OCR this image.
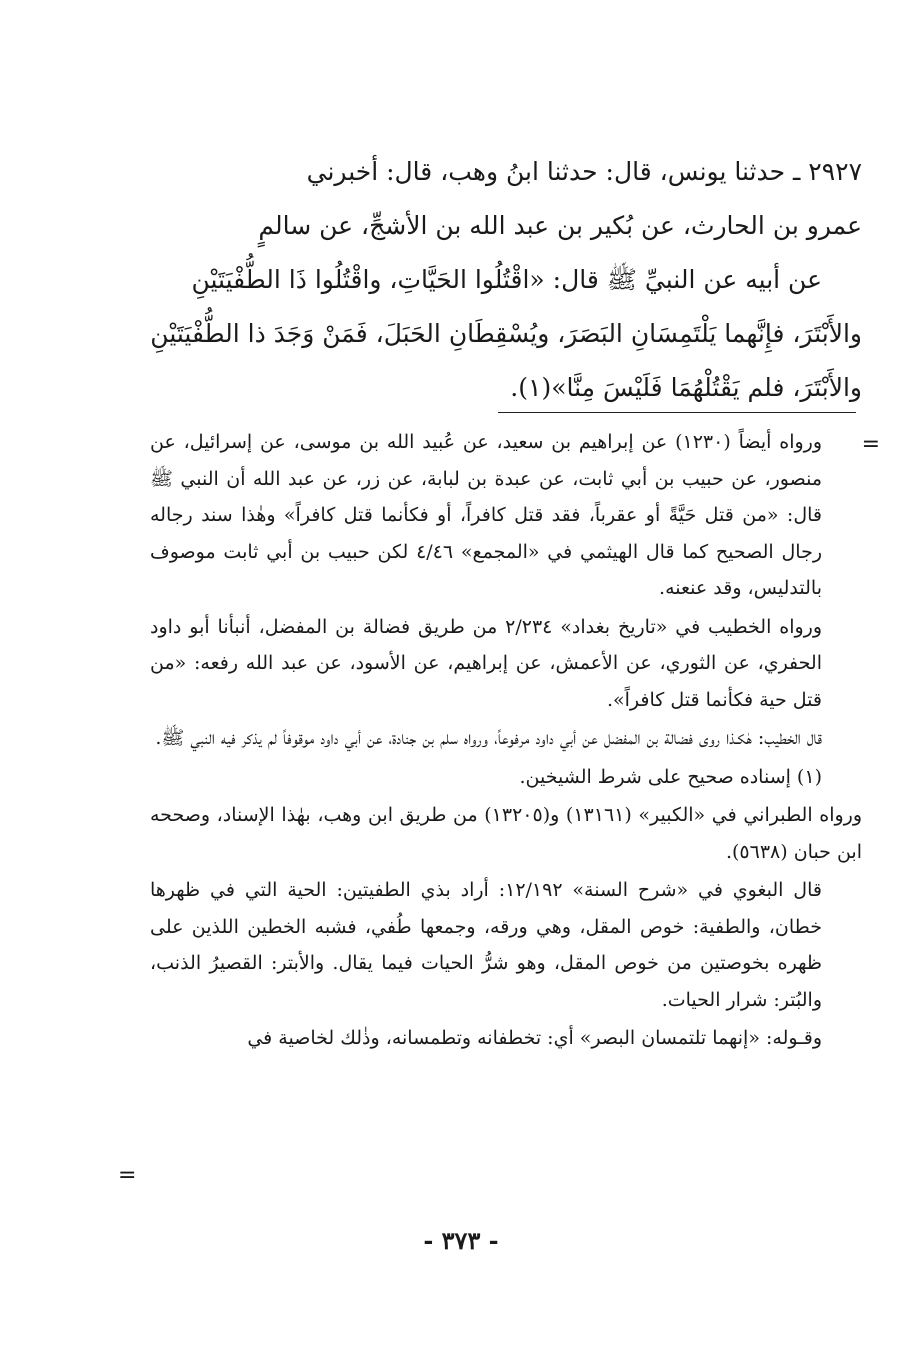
٢٩٢٧ ـ حدثنا يونس، قال: حدثنا ابنُ وهب، قال: أخبرني

عمرو بن الحارث، عن بُكير بن عبد الله بن الأشجِّ، عن سالمٍ

عن أبيه عن النبيِّ ﷺ قال: «اقْتُلُوا الحَيَّاتِ، واقْتُلُوا ذَا الطُّفْيَتَيْنِ

والأَبْتَرَ، فإِنَّهما يَلْتَمِسَانِ البَصَرَ، ويُسْقِطَانِ الحَبَلَ، فَمَنْ وَجَدَ ذا الطُّفْيَتَيْنِ

والأَبْتَرَ، فلم يَقْتُلْهُمَا فَلَيْسَ مِنَّا»(١).

=

ورواه أيضاً (١٢٣٠) عن إبراهيم بن سعيد، عن عُبيد الله بن موسى، عن إسرائيل، عن منصور، عن حبيب بن أبي ثابت، عن عبدة بن لبابة، عن زر، عن عبد الله أن النبي ﷺ قال: «من قتل حَيَّةً أو عقرباً، فقد قتل كافراً، أو فكأنما قتل كافراً» وهٰذا سند رجاله رجال الصحيح كما قال الهيثمي في «المجمع» ٤/٤٦ لكن حبيب بن أبي ثابت موصوف بالتدليس، وقد عنعنه.

ورواه الخطيب في «تاريخ بغداد» ٢/٢٣٤ من طريق فضالة بن المفضل، أنبأنا أبو داود الحفري، عن الثوري، عن الأعمش، عن إبراهيم، عن الأسود، عن عبد الله رفعه: «من قتل حية فكأنما قتل كافراً».

قال الخطيب: هٰكـذا روى فضالة بن المفضل عن أبي داود مرفوعاً، ورواه سلم بن جنادة، عن أبي داود موقوفاً لم يذكر فيه النبي ﷺ.

(١) إسناده صحيح على شرط الشيخين.

ورواه الطبراني في «الكبير» (١٣١٦١) و(١٣٢٠٥) من طريق ابن وهب، بهٰذا الإسناد، وصححه ابن حبان (٥٦٣٨).

قال البغوي في «شرح السنة» ١٢/١٩٢: أراد بذي الطفيتين: الحية التي في ظهرها خطان، والطفية: خوص المقل، وهي ورقه، وجمعها طُفي، فشبه الخطين اللذين على ظهره بخوصتين من خوص المقل، وهو شرُّ الحيات فيما يقال. والأبتر: القصيرُ الذنب، والبُتر: شرار الحيات.

وقـوله: «إنهما تلتمسان البصر» أي: تخطفانه وتطمسانه، وذٰلك لخاصية في

=
- ٣٧٣ -
